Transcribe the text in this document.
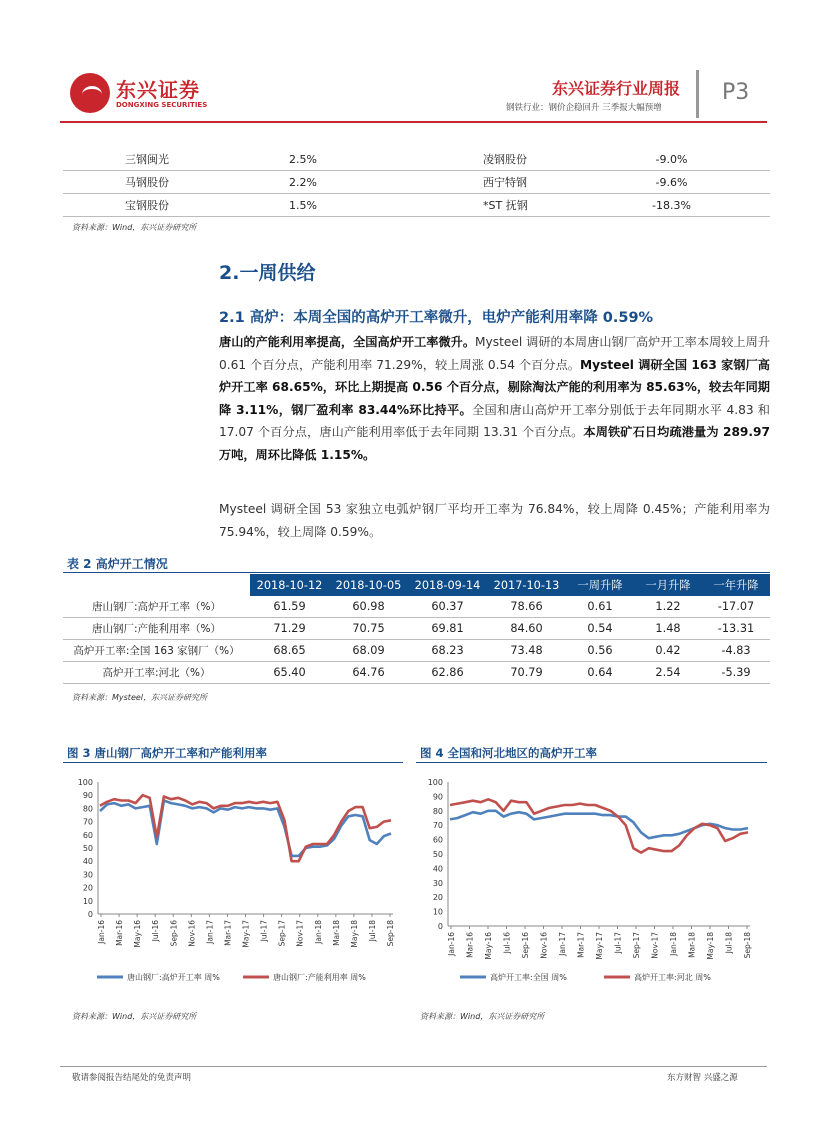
东兴证券
DONGXING SECURITIES
东兴证券行业周报
钢铁行业：钢价企稳回升 三季报大幅预增
P3
三钢闽光	2.5%	凌钢股份	-9.0%
马钢股份	2.2%	西宁特钢	-9.6%
宝钢股份	1.5%	*ST 抚钢	-18.3%
资料来源：Wind，东兴证券研究所
2.一周供给
2.1 高炉：本周全国的高炉开工率微升，电炉产能利用率降 0.59%
唐山的产能利用率提高，全国高炉开工率微升。Mysteel 调研的本周唐山钢厂高炉开工率本周较上周升 0.61 个百分点，产能利用率 71.29%，较上周涨 0.54 个百分点。Mysteel 调研全国 163 家钢厂高炉开工率 68.65%，环比上期提高 0.56 个百分点，剔除淘汰产能的利用率为 85.63%，较去年同期降 3.11%，钢厂盈利率 83.44%环比持平。全国和唐山高炉开工率分别低于去年同期水平 4.83 和 17.07 个百分点，唐山产能利用率低于去年同期 13.31 个百分点。本周铁矿石日均疏港量为 289.97 万吨，周环比降低 1.15%。
Mysteel 调研全国 53 家独立电弧炉钢厂平均开工率为 76.84%，较上周降 0.45%；产能利用率为 75.94%，较上周降 0.59%。
表 2 高炉开工情况
	2018-10-12	2018-10-05	2018-09-14	2017-10-13	一周升降	一月升降	一年升降
唐山钢厂:高炉开工率（%）	61.59	60.98	60.37	78.66	0.61	1.22	-17.07
唐山钢厂:产能利用率（%）	71.29	70.75	69.81	84.60	0.54	1.48	-13.31
高炉开工率:全国 163 家钢厂（%）	68.65	68.09	68.23	73.48	0.56	0.42	-4.83
高炉开工率:河北（%）	65.40	64.76	62.86	70.79	0.64	2.54	-5.39
资料来源：Mysteel，东兴证券研究所
图 3 唐山钢厂高炉开工率和产能利用率	图 4 全国和河北地区的高炉开工率
0
10
20
30
40
50
60
70
80
90
100
Jan-16 Mar-16 May-16 Jul-16 Sep-16 Nov-16 Jan-17 Mar-17 May-17 Jul-17 Sep-17 Nov-17 Jan-18 Mar-18 May-18 Jul-18 Sep-18
唐山钢厂:高炉开工率 周%	唐山钢厂:产能利用率 周%
0
10
20
30
40
50
60
70
80
90
100
Jan-16 Mar-16 May-16 Jul-16 Sep-16 Nov-16 Jan-17 Mar-17 May-17 Jul-17 Sep-17 Nov-17 Jan-18 Mar-18 May-18 Jul-18 Sep-18
高炉开工率:全国 周%	高炉开工率:河北 周%
资料来源：Wind，东兴证券研究所	资料来源：Wind，东兴证券研究所
敬请参阅报告结尾处的免责声明	东方财智 兴盛之源
